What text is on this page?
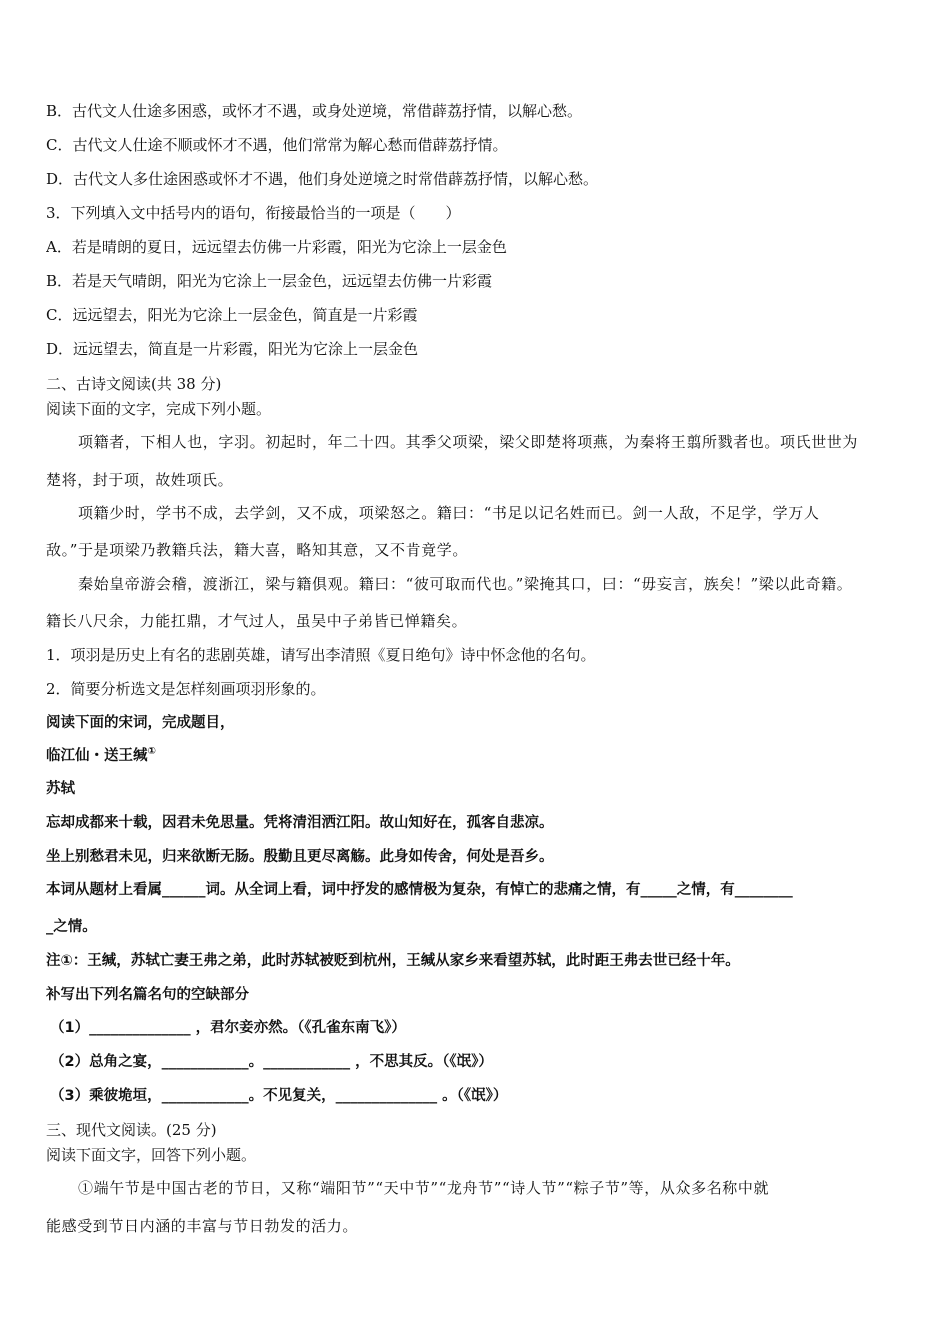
B．古代文人仕途多困惑，或怀才不遇，或身处逆境，常借薜荔抒情，以解心愁。
C．古代文人仕途不顺或怀才不遇，他们常常为解心愁而借薜荔抒情。
D．古代文人多仕途困惑或怀才不遇，他们身处逆境之时常借薜荔抒情，以解心愁。
3．下列填入文中括号内的语句，衔接最恰当的一项是（　　）
A．若是晴朗的夏日，远远望去仿佛一片彩霞，阳光为它涂上一层金色
B．若是天气晴朗，阳光为它涂上一层金色，远远望去仿佛一片彩霞
C．远远望去，阳光为它涂上一层金色，简直是一片彩霞
D．远远望去，简直是一片彩霞，阳光为它涂上一层金色
二、古诗文阅读(共 38 分)
阅读下面的文字，完成下列小题。
项籍者，下相人也，字羽。初起时，年二十四。其季父项梁，梁父即楚将项燕，为秦将王翦所戮者也。项氏世世为
楚将，封于项，故姓项氏。
项籍少时，学书不成，去学剑，又不成，项梁怒之。籍曰：“书足以记名姓而已。剑一人敌，不足学，学万人
敌。”于是项梁乃教籍兵法，籍大喜，略知其意，又不肯竟学。
秦始皇帝游会稽，渡浙江，梁与籍俱观。籍曰：“彼可取而代也。”梁掩其口，曰：“毋妄言，族矣！”梁以此奇籍。
籍长八尺余，力能扛鼎，才气过人，虽吴中子弟皆已惮籍矣。
1．项羽是历史上有名的悲剧英雄，请写出李清照《夏日绝句》诗中怀念他的名句。
2．简要分析选文是怎样刻画项羽形象的。
阅读下面的宋词，完成题目，
临江仙・送王缄①
苏轼
忘却成都来十载，因君未免思量。凭将清泪洒江阳。故山知好在，孤客自悲凉。
坐上别愁君未见，归来欲断无肠。殷勤且更尽离觞。此身如传舍，何处是吾乡。
本词从题材上看属______词。从全词上看，词中抒发的感情极为复杂，有悼亡的悲痛之情，有_____之情，有________
_之情。
注①：王缄，苏轼亡妻王弗之弟，此时苏轼被贬到杭州，王缄从家乡来看望苏轼，此时距王弗去世已经十年。
补写出下列名篇名句的空缺部分
（1）______________ ，君尔妾亦然。（《孔雀东南飞》）
（2）总角之宴，____________。____________ ，不思其反。（《氓》）
（3）乘彼垝垣，____________。不见复关，______________ 。（《氓》）
三、现代文阅读。(25 分)
阅读下面文字，回答下列小题。
①端午节是中国古老的节日，又称“端阳节”“天中节”“龙舟节”“诗人节”“粽子节”等，从众多名称中就
能感受到节日内涵的丰富与节日勃发的活力。
